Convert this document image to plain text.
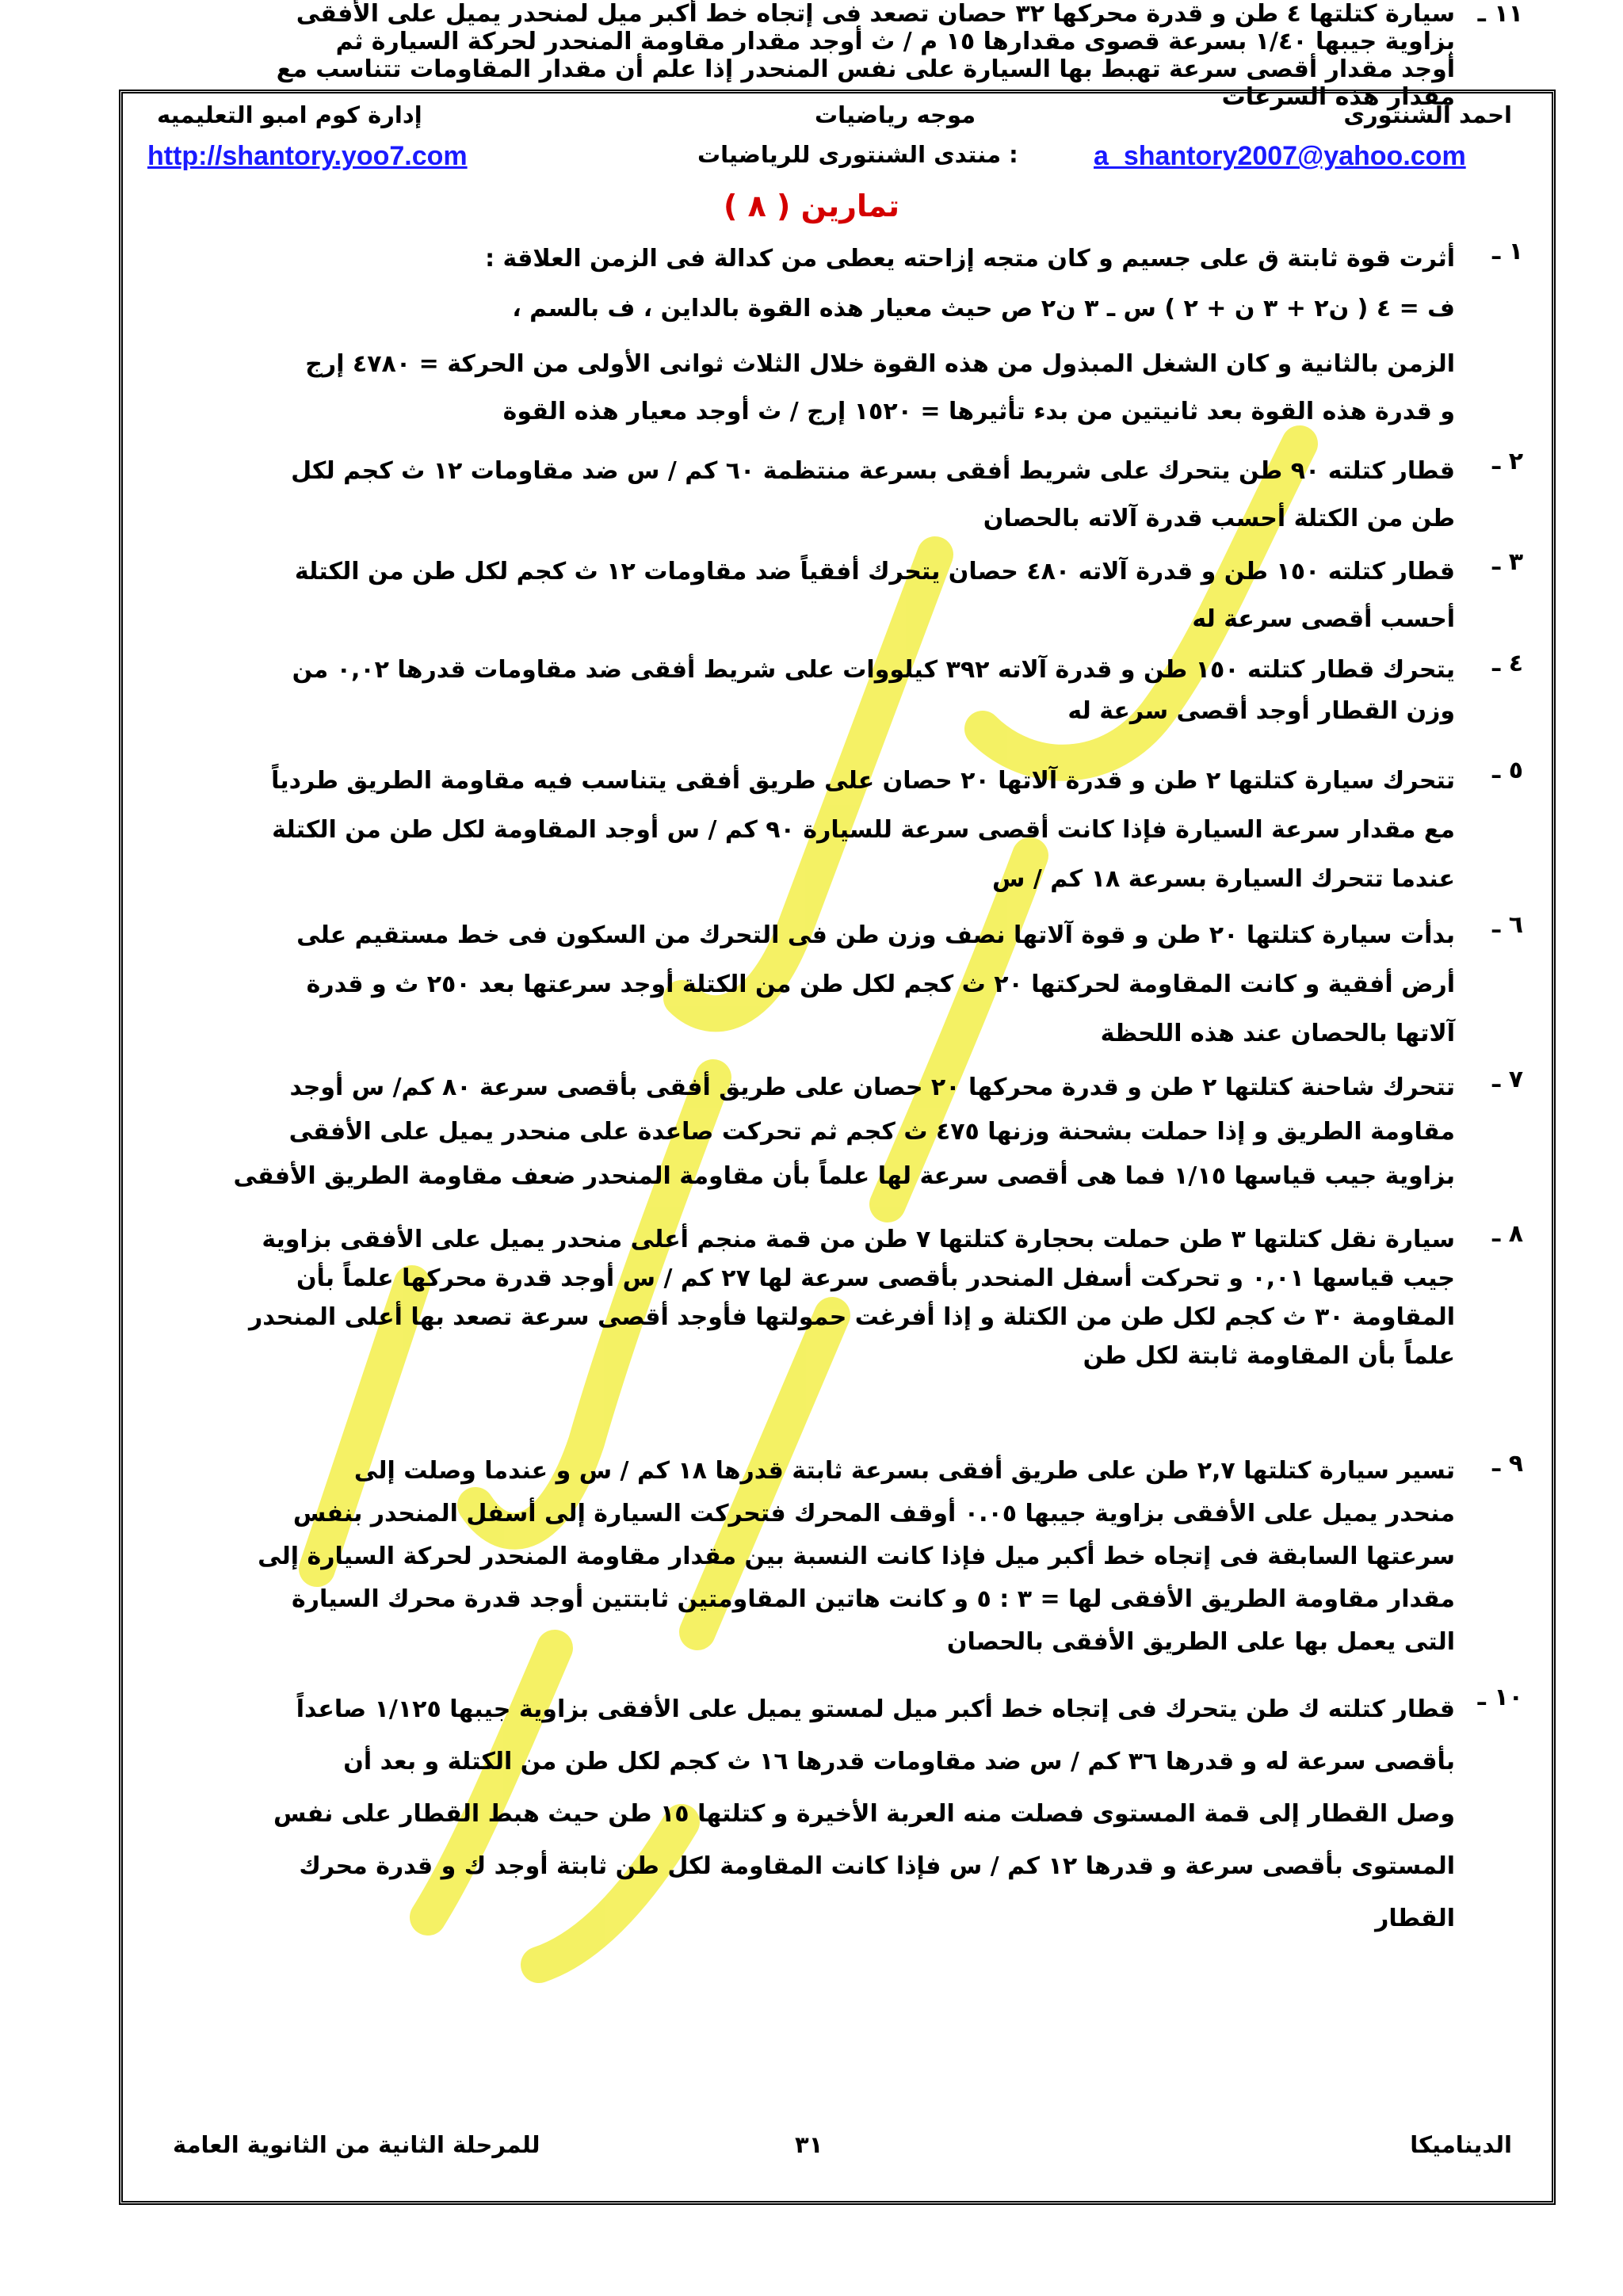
احمد الشنتورى
موجه رياضيات
إدارة كوم امبو التعليميه
a_shantory2007@yahoo.com
منتدى الشنتورى للرياضيات :
http://shantory.yoo7.com
تمارين ( ٨ )
١ ـ
أثرت قوة ثابتة ق على جسيم و كان متجه إزاحته يعطى من كدالة فى الزمن العلاقة :
الزمن بالثانية و كان الشغل المبذول من هذه القوة خلال الثلاث ثوانى الأولى من الحركة = ٤٧٨٠ إرج
و قدرة هذه القوة بعد ثانيتين من بدء تأثيرها = ١٥٢٠ إرج / ث أوجد معيار هذه القوة
٢ ـ
قطار كتلته ٩٠ طن يتحرك على شريط أفقى بسرعة منتظمة ٦٠ كم / س ضد مقاومات ١٢ ث كجم لكل
طن من الكتلة أحسب قدرة آلاته بالحصان
٣ ـ
قطار كتلته ١٥٠ طن و قدرة آلاته ٤٨٠ حصان يتحرك أفقياً ضد مقاومات ١٢ ث كجم لكل طن من الكتلة
أحسب أقصى سرعة له
٤ ـ
يتحرك قطار كتلته ١٥٠ طن و قدرة آلاته ٣٩٢ كيلووات على شريط أفقى ضد مقاومات قدرها ٠,٠٢ من
وزن القطار أوجد أقصى سرعة له
٥ ـ
تتحرك سيارة كتلتها ٢ طن و قدرة آلاتها ٢٠ حصان على طريق أفقى يتناسب فيه مقاومة الطريق طردياً
مع مقدار سرعة السيارة فإذا كانت أقصى سرعة للسيارة ٩٠ كم / س أوجد المقاومة لكل طن من الكتلة
عندما تتحرك السيارة بسرعة ١٨ كم / س
٦ ـ
بدأت سيارة كتلتها ٢٠ طن و قوة آلاتها نصف وزن طن فى التحرك من السكون فى خط مستقيم على
أرض أفقية و كانت المقاومة لحركتها ٢٠ ث كجم لكل طن من الكتلة أوجد سرعتها بعد ٢٥٠ ث و قدرة
آلاتها بالحصان عند هذه اللحظة
٧ ـ
تتحرك شاحنة كتلتها ٢ طن و قدرة محركها ٢٠ حصان على طريق أفقى بأقصى سرعة ٨٠ كم/ س أوجد
مقاومة الطريق و إذا حملت بشحنة وزنها ٤٧٥ ث كجم ثم تحركت صاعدة على منحدر يميل على الأفقى
بزاوية جيب قياسها ١/١٥ فما هى أقصى سرعة لها علماً بأن مقاومة المنحدر ضعف مقاومة الطريق الأفقى
٨ ـ
سيارة نقل كتلتها ٣ طن حملت بحجارة كتلتها ٧ طن من قمة منجم أعلى منحدر يميل على الأفقى بزاوية
جيب قياسها ٠,٠١ و تحركت أسفل المنحدر بأقصى سرعة لها ٢٧ كم / س أوجد قدرة محركها علماً بأن
المقاومة ٣٠ ث كجم لكل طن من الكتلة و إذا أفرغت حمولتها فأوجد أقصى سرعة تصعد بها أعلى المنحدر
علماً بأن المقاومة ثابتة لكل طن
٩ ـ
تسير سيارة كتلتها ٢,٧ طن على طريق أفقى بسرعة ثابتة قدرها ١٨ كم / س و عندما وصلت إلى
منحدر يميل على الأفقى بزاوية جيبها ٠.٠٥ أوقف المحرك فتحركت السيارة إلى أسفل المنحدر بنفس
سرعتها السابقة فى إتجاه خط أكبر ميل فإذا كانت النسبة بين مقدار مقاومة المنحدر لحركة السيارة إلى
مقدار مقاومة الطريق الأفقى لها = ٣ : ٥ و كانت هاتين المقاومتين ثابتتين أوجد قدرة محرك السيارة
التى يعمل بها على الطريق الأفقى بالحصان
١٠ ـ
قطار كتلته ك طن يتحرك فى إتجاه خط أكبر ميل لمستو يميل على الأفقى بزاوية جيبها ١/١٢٥ صاعداً
بأقصى سرعة له و قدرها ٣٦ كم / س ضد مقاومات قدرها ١٦ ث كجم لكل طن من الكتلة و بعد أن
وصل القطار إلى قمة المستوى فصلت منه العربة الأخيرة و كتلتها ١٥ طن حيث هبط القطار على نفس
المستوى بأقصى سرعة و قدرها ١٢ كم / س فإذا كانت المقاومة لكل طن ثابتة أوجد ك و قدرة محرك
القطار
١١ ـ
سيارة كتلتها ٤ طن و قدرة محركها ٣٢ حصان تصعد فى إتجاه خط أكبر ميل لمنحدر يميل على الأفقى
بزاوية جيبها ١/٤٠ بسرعة قصوى مقدارها ١٥ م / ث أوجد مقدار مقاومة المنحدر لحركة السيارة ثم
أوجد مقدار أقصى سرعة تهبط بها السيارة على نفس المنحدر إذا علم أن مقدار المقاومات تتناسب مع
مقدار هذه السرعات
ف = ٤ ( ن٢ + ٣ ن + ٢ ) س ـ ٣ ن٢ ص حيث معيار هذه القوة بالداين ، ف بالسم ،
الديناميكا
٣١
للمرحلة الثانية من الثانوية العامة
